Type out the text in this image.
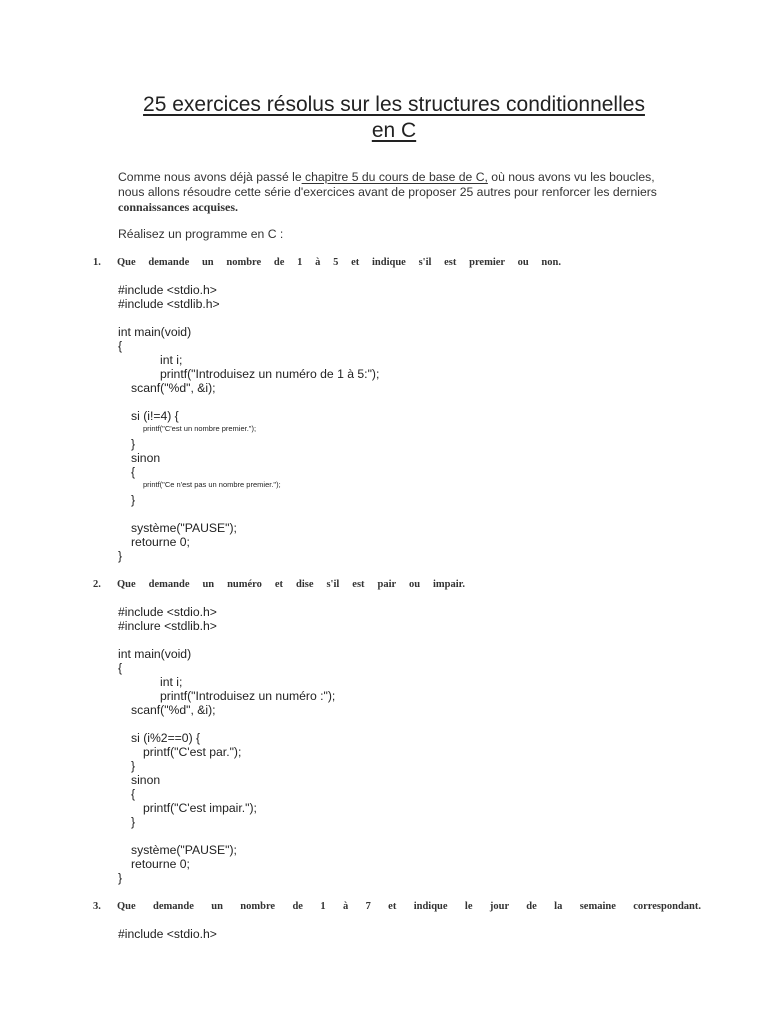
25 exercices résolus sur les structures conditionnelles
en C

Comme nous avons déjà passé le chapitre 5 du cours de base de C, où nous avons vu les boucles, nous allons résoudre cette série d'exercices avant de proposer 25 autres pour renforcer les derniers connaissances acquises.

Réalisez un programme en C :

1.	Que demande un nombre de 1 à 5 et indique s'il est premier ou non.
#include <stdio.h>
#include <stdlib.h>
int main(void)
{
int i;
printf("Introduisez un numéro de 1 à 5:");
scanf("%d", &i);
si (i!=4) {
printf("C'est un nombre premier.");
}
sinon
{
printf("Ce n'est pas un nombre premier.");
}
système("PAUSE");
retourne 0;
}
2.	Que demande un numéro et dise s'il est pair ou impair.
#include <stdio.h>
#inclure <stdlib.h>
int main(void)
{
int i;
printf("Introduisez un numéro :");
scanf("%d", &i);
si (i%2==0) {
printf("C'est par.");
}
sinon
{
printf("C'est impair.");
}
système("PAUSE");
retourne 0;
}
3.	Que demande un nombre de 1 à 7 et indique le jour de la semaine correspondant.
#include <stdio.h>
